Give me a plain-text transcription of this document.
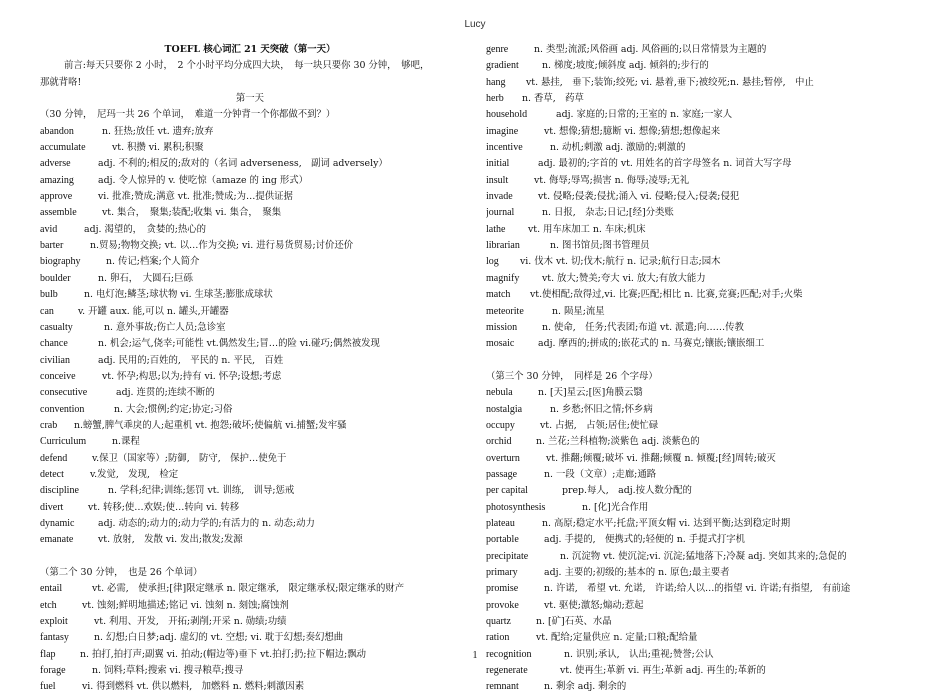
Lucy
TOEFL 核心词汇 21 天突破（第一天）
前言:每天只要你 2 小时，　2 个小时平均分成四大块，　每一块只要你 30 分钟，　够吧，
那就背咯!
第一天
（30 分钟，　尼玛一共 26 个单词，　难道一分钟背一个你都做不到？）
abandon	n. 狂热;放任 vt. 遗弃;放弃
accumulate	vt. 积攒 vi. 累积;积聚
adverse	adj. 不利的;相反的;敌对的（名词 adverseness,　副词 adversely）
amazing	adj. 令人惊异的 v. 使吃惊（amaze 的 ing 形式）
approve	vi. 批准;赞成;满意 vt. 批准;赞成;为…提供证据
assemble	vt. 集合，　聚集;装配;收集 vi. 集合，　聚集
avid	adj. 渴望的，　贪婪的;热心的
barter	n.贸易;物物交换; vt. 以…作为交换; vi. 进行易货贸易;讨价还价
biography	n. 传记;档案;个人简介
boulder	n. 卵石，　大圆石;巨砾
bulb	n. 电灯泡;鳞茎;球状物 vi. 生球茎;膨胀成球状
can	v. 开罐 aux. 能,可以 n. 罐头,开罐器
casualty	n. 意外事故;伤亡人员;急诊室
chance	n. 机会;运气,侥幸;可能性 vt.偶然发生;冒…的险 vi.碰巧;偶然被发现
civilian	adj. 民用的;百姓的,　平民的 n. 平民,　百姓
conceive	vt. 怀孕;构思;以为;持有 vi. 怀孕;设想;考虑
consecutive	adj. 连贯的;连续不断的
convention	n. 大会;惯例;约定;协定;习俗
crab n.螃蟹,脾气乖戾的人;起重机 vt. 抱怨;破坏;使偏航 vi.捕蟹;发牢骚
Curriculum	n.课程
defend	v.保卫（国家等）;防御,　防守,　保护…使免于
detect	v.发觉,　发现,　检定
discipline	n. 学科;纪律;训练;惩罚 vt. 训练,　训导;惩戒
divert	vt. 转移;使…欢娱;使…转向 vi. 转移
dynamic	adj. 动态的;动力的;动力学的;有活力的 n. 动态;动力
emanate	vt. 放射,　发散 vi. 发出;散发;发源
（第二个 30 分钟，　也是 26 个单词）
entail	vt. 必需,　使承担;[律]限定继承 n. 限定继承,　限定继承权;限定继承的财产
etch	vt. 蚀刻;鲜明地描述;铭记 vi. 蚀刻 n. 刻蚀;腐蚀剂
exploit	vt. 利用、开发,　开拓;剥削;开采 n. 勋绩;功绩
fantasy	n. 幻想;白日梦;adj. 虚幻的 vt. 空想; vi. 耽于幻想;奏幻想曲
flap	n. 拍打,拍打声;副翼 vi. 拍动;(帽边等)垂下 vt.拍打;扔;拉下帽边;飘动
forage	n. 饲料;草料;搜索 vi. 搜寻粮草;搜寻
fuel	vi. 得到燃料 vt. 供以燃料,　加燃料 n. 燃料;刺激因素
genre	n. 类型;流派;风俗画 adj. 风俗画的;以日常情景为主题的
gradient n. 梯度;坡度;倾斜度 adj. 倾斜的;步行的
hang vt. 悬挂,　垂下;装饰;绞死; vi. 悬着,垂下;被绞死;n. 悬挂;暂停,　中止
herb n. 香草,　药草
household	adj. 家庭的;日常的;王室的 n. 家庭;一家人
imagine	vt. 想像;猜想;臆断 vi. 想像;猜想;想像起来
incentive	n. 动机;刺激 adj. 激励的;刺激的
initial	adj. 最初的;字首的 vt. 用姓名的首字母签名 n. 词首大写字母
insult	vt. 侮辱;辱骂;损害 n. 侮辱;凌辱;无礼
invade	vt. 侵略;侵袭;侵扰;涌入 vi. 侵略;侵入;侵袭;侵犯
journal	n. 日报,　杂志;日记;[经]分类账
lathe vt. 用车床加工 n. 车床;机床
librarian	n. 图书馆员;图书管理员
log vi. 伐木 vt. 切;伐木;航行 n. 记录;航行日志;园木
magnify vt. 放大;赞美;夸大 vi. 放大;有放大能力
match vt.使相配;敌得过,vi. 比赛;匹配;相比 n. 比赛,竞赛;匹配;对手;火柴
meteorite	n. 陨星;流星
mission	n. 使命,　任务;代表团;布道 vt. 派遣;向……传教
mosaic	adj. 摩西的;拼成的;嵌花式的 n. 马赛克;镶嵌;镶嵌细工
（第三个 30 分钟，　同样是 26 个字母）
nebula	n. [天]星云;[医]角膜云翳
nostalgia	n. 乡愁;怀旧之情;怀乡病
occupy	vt. 占据,　占领;居住;使忙碌
orchid	n. 兰花;兰科植物;淡紫色 adj. 淡紫色的
overturn	vt. 推翻;倾覆;破坏 vi. 推翻;倾覆 n. 倾覆;[经]周转;破灭
passage	n. 一段（文章）;走廊;通路
per capital	prep.每人,　adj.按人数分配的
photosynthesis	n. [化]光合作用
plateau	n. 高原;稳定水平;托盘;平顶女帽 vi. 达到平衡;达到稳定时期
portable	adj. 手提的,　便携式的;轻便的 n. 手提式打字机
precipitate	n. 沉淀物 vt. 使沉淀;vi. 沉淀;猛地落下;冷凝 adj. 突如其来的;急促的
primary	adj. 主要的;初级的;基本的 n. 原色;最主要者
promise	n. 许诺,　希望 vt. 允诺,　许诺;给人以…的指望 vi. 许诺;有指望,　有前途
provoke	vt. 驱使;激怒;煽动;惹起
quartz	n. [矿]石英、水晶
ration	vt. 配给;定量供应 n. 定量;口粮;配给量
recognition	n. 识别;承认,　认出;重视;赞誉;公认
regenerate	vt. 使再生;革新 vi. 再生;革新 adj. 再生的;革新的
remnant	n. 剩余 adj. 剩余的
1
